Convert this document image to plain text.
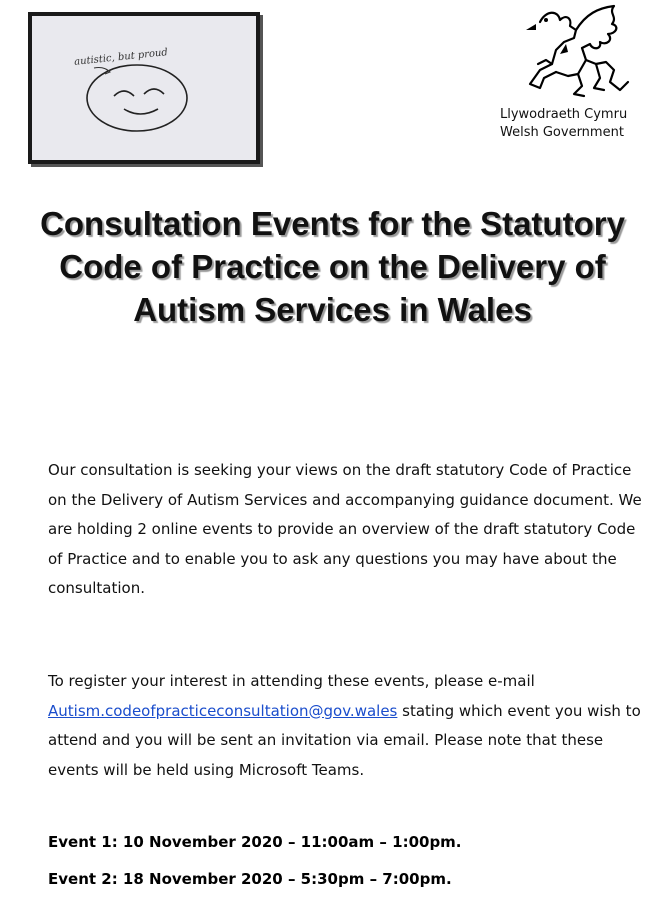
autistic, but proud
Llywodraeth Cymru
Welsh Government
Consultation Events for the Statutory Code of Practice on the Delivery of Autism Services in Wales

Our consultation is seeking your views on the draft statutory Code of Practice on the Delivery of Autism Services and accompanying guidance document. We are holding 2 online events to provide an overview of the draft statutory Code of Practice and to enable you to ask any questions you may have about the consultation.

To register your interest in attending these events, please e-mail Autism.codeofpracticeconsultation@gov.wales stating which event you wish to attend and you will be sent an invitation via email. Please note that these events will be held using Microsoft Teams.

Event 1: 10 November 2020 – 11:00am – 1:00pm.

Event 2: 18 November 2020 – 5:30pm – 7:00pm.
